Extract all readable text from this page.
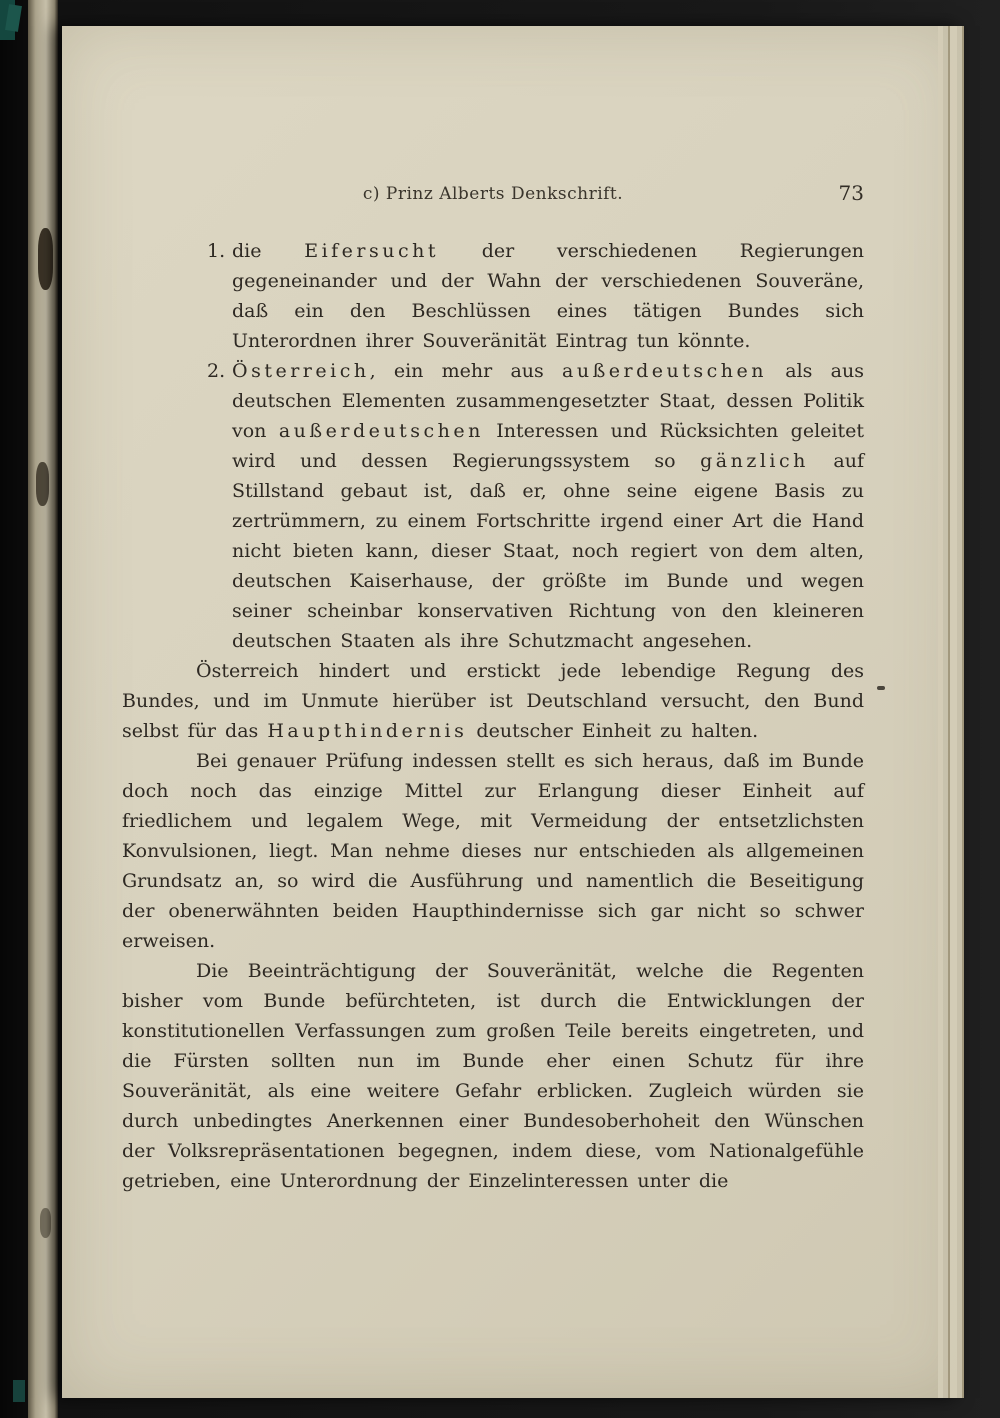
c) Prinz Alberts Denkschrift.	73
1. die Eifersucht der verschiedenen Regierungen gegeneinander und der Wahn der verschiedenen Souveräne, daß ein den Beschlüssen eines tätigen Bundes sich Unterordnen ihrer Souveränität Eintrag tun könnte.
2. Österreich, ein mehr aus außerdeutschen als aus deutschen Elementen zusammengesetzter Staat, dessen Politik von außerdeutschen Interessen und Rücksichten geleitet wird und dessen Regierungssystem so gänzlich auf Stillstand gebaut ist, daß er, ohne seine eigene Basis zu zertrümmern, zu einem Fortschritte irgend einer Art die Hand nicht bieten kann, dieser Staat, noch regiert von dem alten, deutschen Kaiserhause, der größte im Bunde und wegen seiner scheinbar konservativen Richtung von den kleineren deutschen Staaten als ihre Schutzmacht angesehen.

Österreich hindert und erstickt jede lebendige Regung des Bundes, und im Unmute hierüber ist Deutschland versucht, den Bund selbst für das Haupthindernis deutscher Einheit zu halten.

Bei genauer Prüfung indessen stellt es sich heraus, daß im Bunde doch noch das einzige Mittel zur Erlangung dieser Einheit auf friedlichem und legalem Wege, mit Vermeidung der entsetzlichsten Konvulsionen, liegt. Man nehme dieses nur entschieden als allgemeinen Grundsatz an, so wird die Ausführung und namentlich die Beseitigung der obenerwähnten beiden Haupthindernisse sich gar nicht so schwer erweisen.

Die Beeinträchtigung der Souveränität, welche die Regenten bisher vom Bunde befürchteten, ist durch die Entwicklungen der konstitutionellen Verfassungen zum großen Teile bereits eingetreten, und die Fürsten sollten nun im Bunde eher einen Schutz für ihre Souveränität, als eine weitere Gefahr erblicken. Zugleich würden sie durch unbedingtes Anerkennen einer Bundesoberhoheit den Wünschen der Volksrepräsentationen begegnen, indem diese, vom Nationalgefühle getrieben, eine Unterordnung der Einzelinteressen unter die
